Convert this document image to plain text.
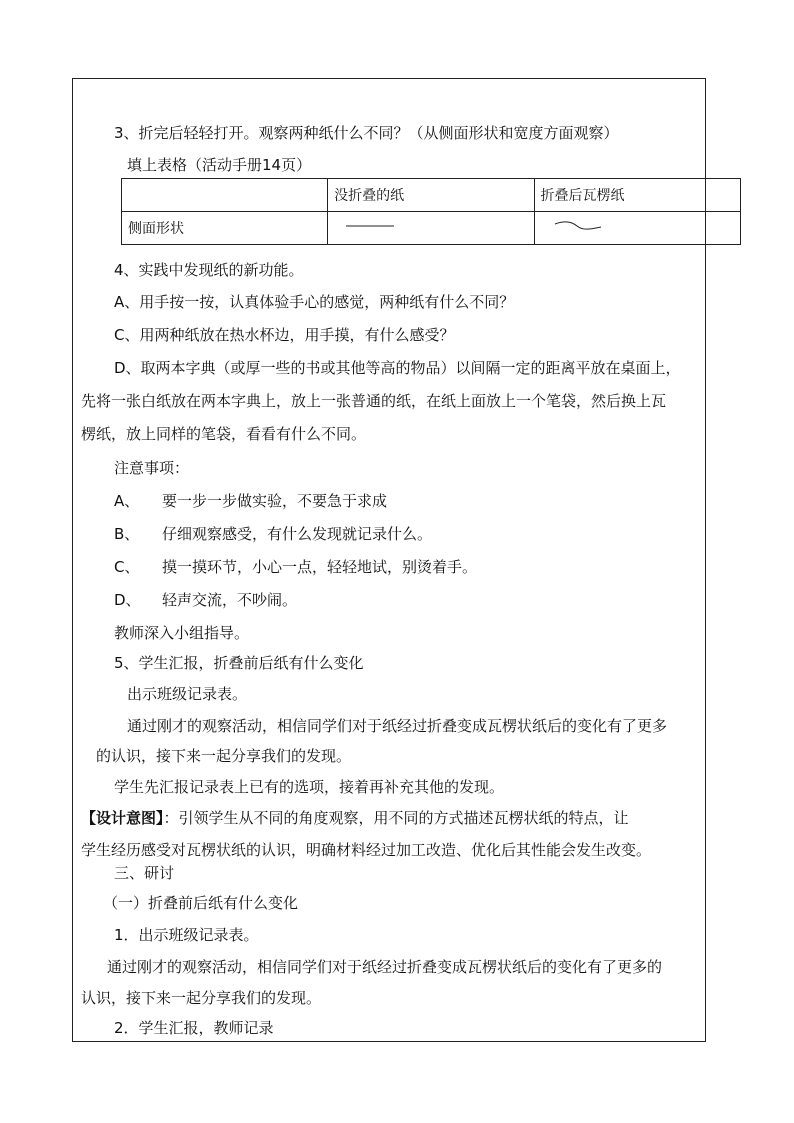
3、折完后轻轻打开。观察两种纸什么不同？（从侧面形状和宽度方面观察）
填上表格（活动手册14页）
	没折叠的纸	折叠后瓦楞纸
侧面形状		
4、实践中发现纸的新功能。
A、用手按一按，认真体验手心的感觉，两种纸有什么不同？
C、用两种纸放在热水杯边，用手摸，有什么感受？
D、取两本字典（或厚一些的书或其他等高的物品）以间隔一定的距离平放在桌面上，
先将一张白纸放在两本字典上，放上一张普通的纸，在纸上面放上一个笔袋，然后换上瓦
楞纸，放上同样的笔袋，看看有什么不同。
注意事项：
A、 要一步一步做实验，不要急于求成
B、 仔细观察感受，有什么发现就记录什么。
C、 摸一摸环节，小心一点，轻轻地试，别烫着手。
D、 轻声交流，不吵闹。
教师深入小组指导。
5、学生汇报，折叠前后纸有什么变化
出示班级记录表。
通过刚才的观察活动，相信同学们对于纸经过折叠变成瓦楞状纸后的变化有了更多
的认识，接下来一起分享我们的发现。
学生先汇报记录表上已有的选项，接着再补充其他的发现。
【设计意图】：引领学生从不同的角度观察，用不同的方式描述瓦楞状纸的特点，让
学生经历感受对瓦楞状纸的认识，明确材料经过加工改造、优化后其性能会发生改变。
三、研讨
（一）折叠前后纸有什么变化
1．出示班级记录表。
通过刚才的观察活动，相信同学们对于纸经过折叠变成瓦楞状纸后的变化有了更多的
认识，接下来一起分享我们的发现。
2．学生汇报，教师记录
